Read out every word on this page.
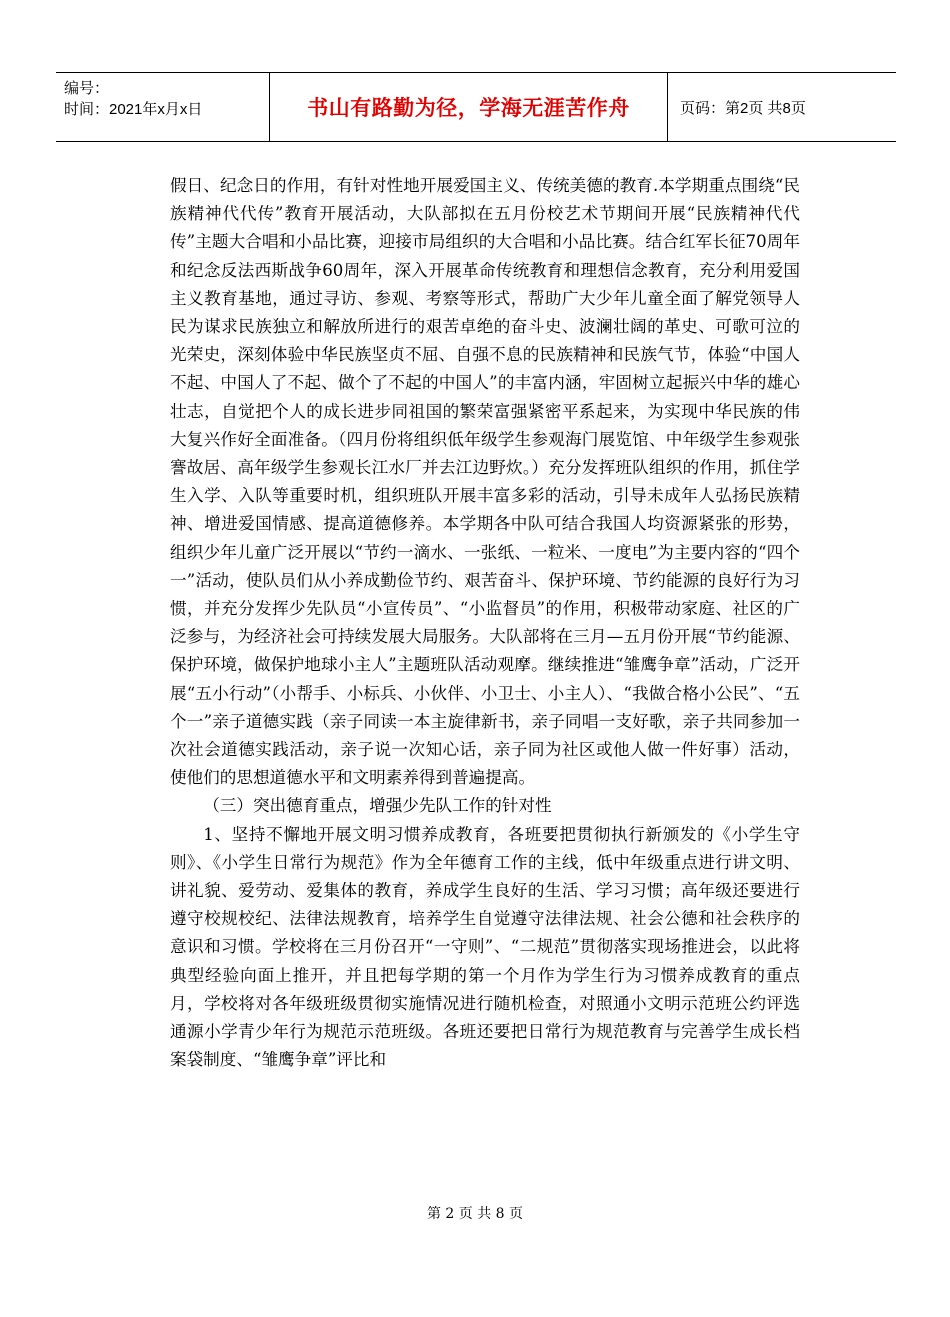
编号：
时间：2021年x月x日	书山有路勤为径，学海无涯苦作舟	页码：第2页 共8页

假日、纪念日的作用，有针对性地开展爱国主义、传统美德的教育.本学期重点围绕“民族精神代代传”教育开展活动，大队部拟在五月份校艺术节期间开展“民族精神代代传”主题大合唱和小品比赛，迎接市局组织的大合唱和小品比赛。结合红军长征70周年和纪念反法西斯战争60周年，深入开展革命传统教育和理想信念教育，充分利用爱国主义教育基地，通过寻访、参观、考察等形式，帮助广大少年儿童全面了解党领导人民为谋求民族独立和解放所进行的艰苦卓绝的奋斗史、波澜壮阔的革史、可歌可泣的光荣史，深刻体验中华民族坚贞不屈、自强不息的民族精神和民族气节，体验“中国人不起、中国人了不起、做个了不起的中国人”的丰富内涵，牢固树立起振兴中华的雄心壮志，自觉把个人的成长进步同祖国的繁荣富强紧密平系起来，为实现中华民族的伟大复兴作好全面准备。（四月份将组织低年级学生参观海门展览馆、中年级学生参观张謇故居、高年级学生参观长江水厂并去江边野炊。）充分发挥班队组织的作用，抓住学生入学、入队等重要时机，组织班队开展丰富多彩的活动，引导未成年人弘扬民族精神、增进爱国情感、提高道德修养。本学期各中队可结合我国人均资源紧张的形势，组织少年儿童广泛开展以“节约一滴水、一张纸、一粒米、一度电”为主要内容的“四个一”活动，使队员们从小养成勤俭节约、艰苦奋斗、保护环境、节约能源的良好行为习惯，并充分发挥少先队员“小宣传员”、“小监督员”的作用，积极带动家庭、社区的广泛参与，为经济社会可持续发展大局服务。大队部将在三月—五月份开展“节约能源、保护环境，做保护地球小主人”主题班队活动观摩。继续推进“雏鹰争章”活动，广泛开展“五小行动”（小帮手、小标兵、小伙伴、小卫士、小主人）、“我做合格小公民”、“五个一”亲子道德实践（亲子同读一本主旋律新书，亲子同唱一支好歌，亲子共同参加一次社会道德实践活动，亲子说一次知心话，亲子同为社区或他人做一件好事）活动，使他们的思想道德水平和文明素养得到普遍提高。

（三）突出德育重点，增强少先队工作的针对性

1、坚持不懈地开展文明习惯养成教育，各班要把贯彻执行新颁发的《小学生守则》、《小学生日常行为规范》作为全年德育工作的主线，低中年级重点进行讲文明、讲礼貌、爱劳动、爱集体的教育，养成学生良好的生活、学习习惯；高年级还要进行遵守校规校纪、法律法规教育，培养学生自觉遵守法律法规、社会公德和社会秩序的意识和习惯。学校将在三月份召开“一守则”、“二规范”贯彻落实现场推进会，以此将典型经验向面上推开，并且把每学期的第一个月作为学生行为习惯养成教育的重点月，学校将对各年级班级贯彻实施情况进行随机检查，对照通小文明示范班公约评选通源小学青少年行为规范示范班级。各班还要把日常行为规范教育与完善学生成长档案袋制度、“雏鹰争章”评比和

第 2 页 共 8 页
